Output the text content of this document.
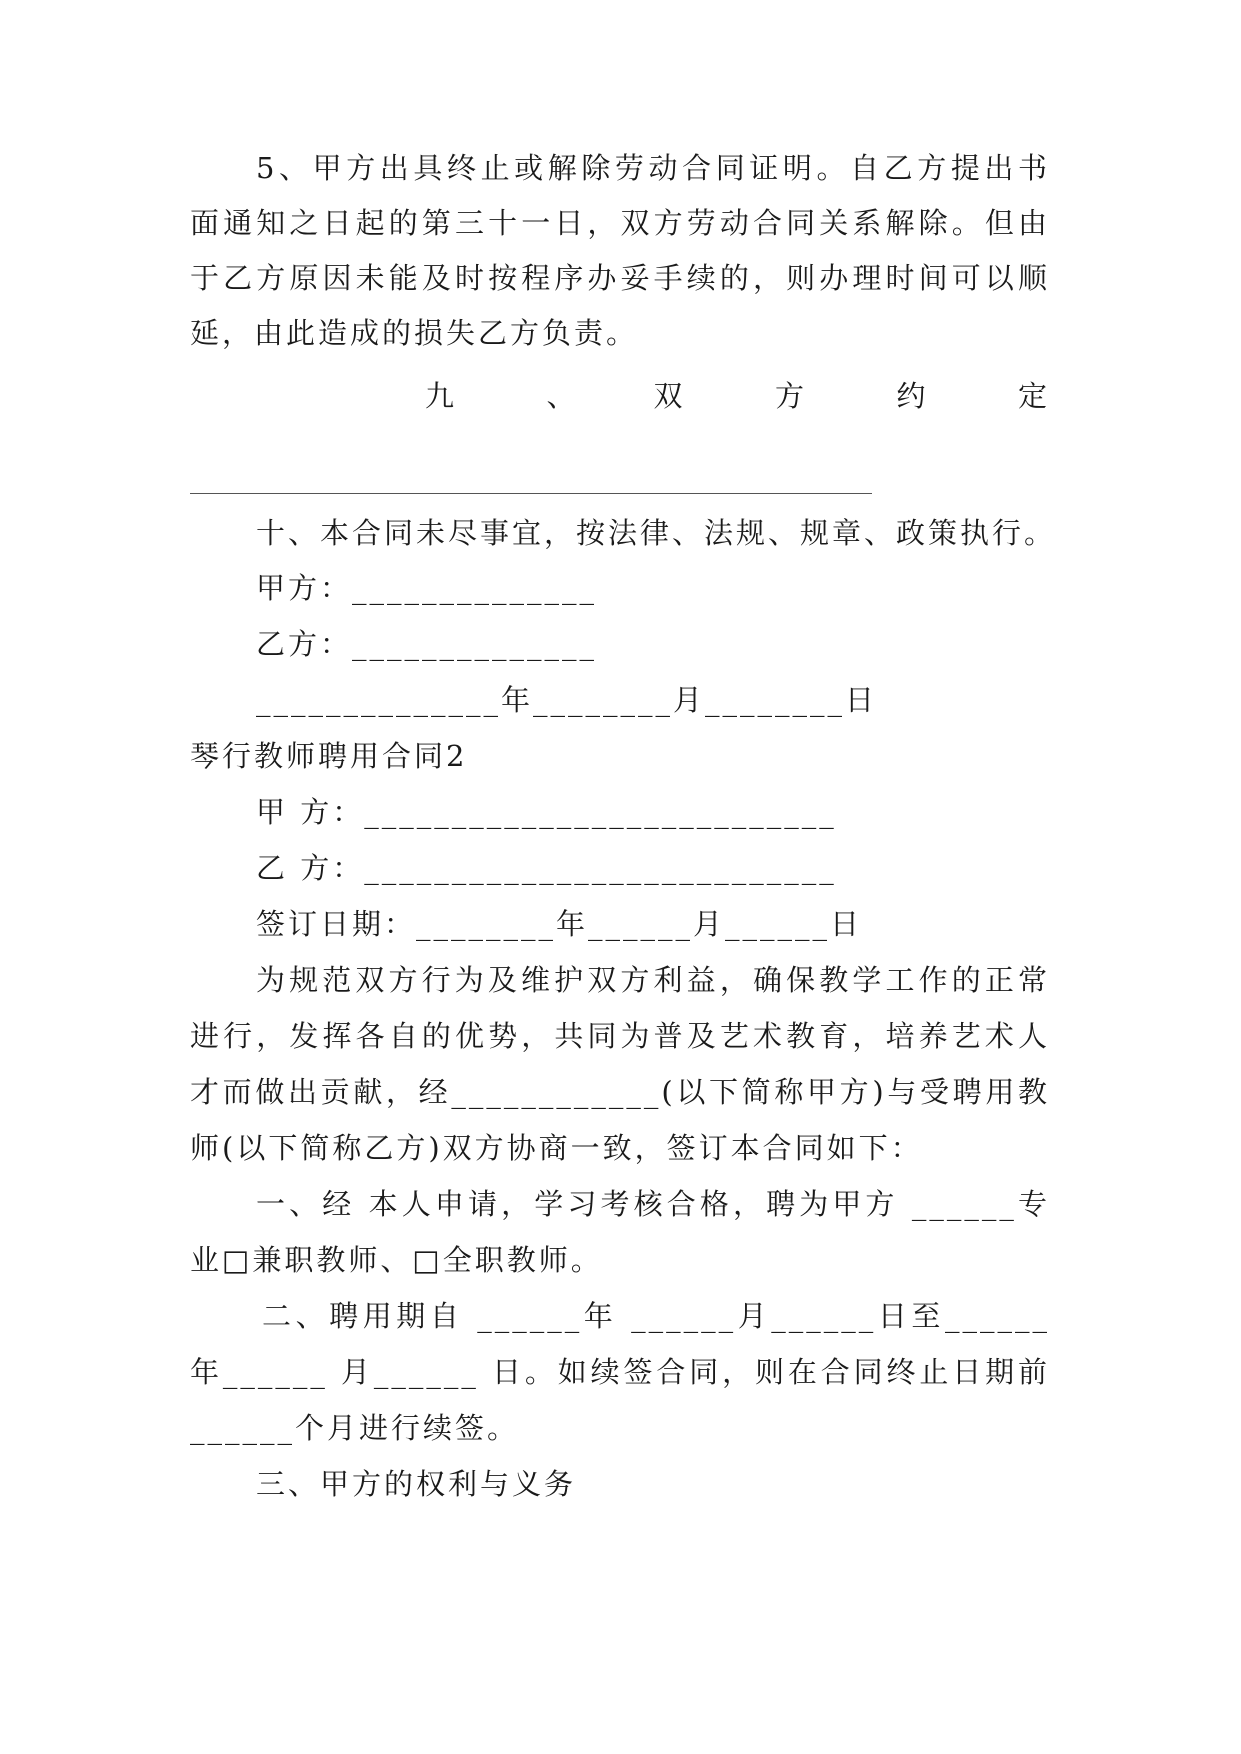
5、甲方出具终止或解除劳动合同证明。自乙方提出书
面通知之日起的第三十一日，双方劳动合同关系解除。但由
于乙方原因未能及时按程序办妥手续的，则办理时间可以顺
延，由此造成的损失乙方负责。
九　　、　　双　　方　　约　　定
十、本合同未尽事宜，按法律、法规、规章、政策执行。
甲方：______________
乙方：______________
______________年________月________日
琴行教师聘用合同2
甲 方：___________________________
乙 方：___________________________
签订日期：________年______月______日
为规范双方行为及维护双方利益，确保教学工作的正常
进行，发挥各自的优势，共同为普及艺术教育，培养艺术人
才而做出贡献，经____________(以下简称甲方)与受聘用教
师(以下简称乙方)双方协商一致，签订本合同如下：
一、经 本人申请，学习考核合格，聘为甲方 ______专
业□兼职教师、□全职教师。
二、聘用期自 ______年 ______月______日至______
年______ 月______ 日。如续签合同，则在合同终止日期前
______个月进行续签。
三、甲方的权利与义务
